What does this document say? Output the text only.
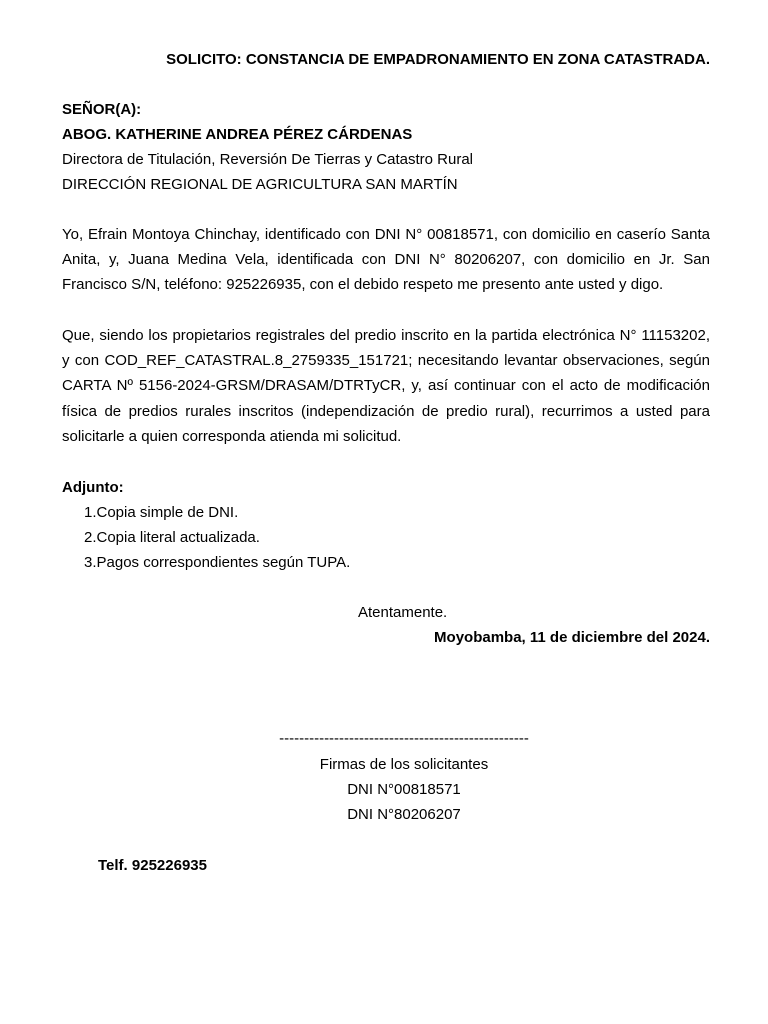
SOLICITO: CONSTANCIA DE EMPADRONAMIENTO EN ZONA CATASTRADA.
SEÑOR(A):
ABOG. KATHERINE ANDREA PÉREZ CÁRDENAS
Directora de Titulación, Reversión De Tierras y Catastro Rural
DIRECCIÓN REGIONAL DE AGRICULTURA SAN MARTÍN
Yo, Efrain Montoya Chinchay, identificado con DNI N° 00818571, con domicilio en caserío Santa Anita, y, Juana Medina Vela, identificada con DNI N° 80206207, con domicilio en Jr. San Francisco S/N, teléfono: 925226935, con el debido respeto me presento ante usted y digo.
Que, siendo los propietarios registrales del predio inscrito en la partida electrónica N° 11153202, y con COD_REF_CATASTRAL.8_2759335_151721; necesitando levantar observaciones, según CARTA Nº 5156-2024-GRSM/DRASAM/DTRTyCR, y, así continuar con el acto de modificación física de predios rurales inscritos (independización de predio rural), recurrimos a usted para solicitarle a quien corresponda atienda mi solicitud.
Adjunto:
1.Copia simple de DNI.
2.Copia literal actualizada.
3.Pagos correspondientes según TUPA.
Atentamente.
Moyobamba, 11 de diciembre del 2024.
--------------------------------------------------
Firmas de los solicitantes
DNI N°00818571
DNI N°80206207
Telf. 925226935
